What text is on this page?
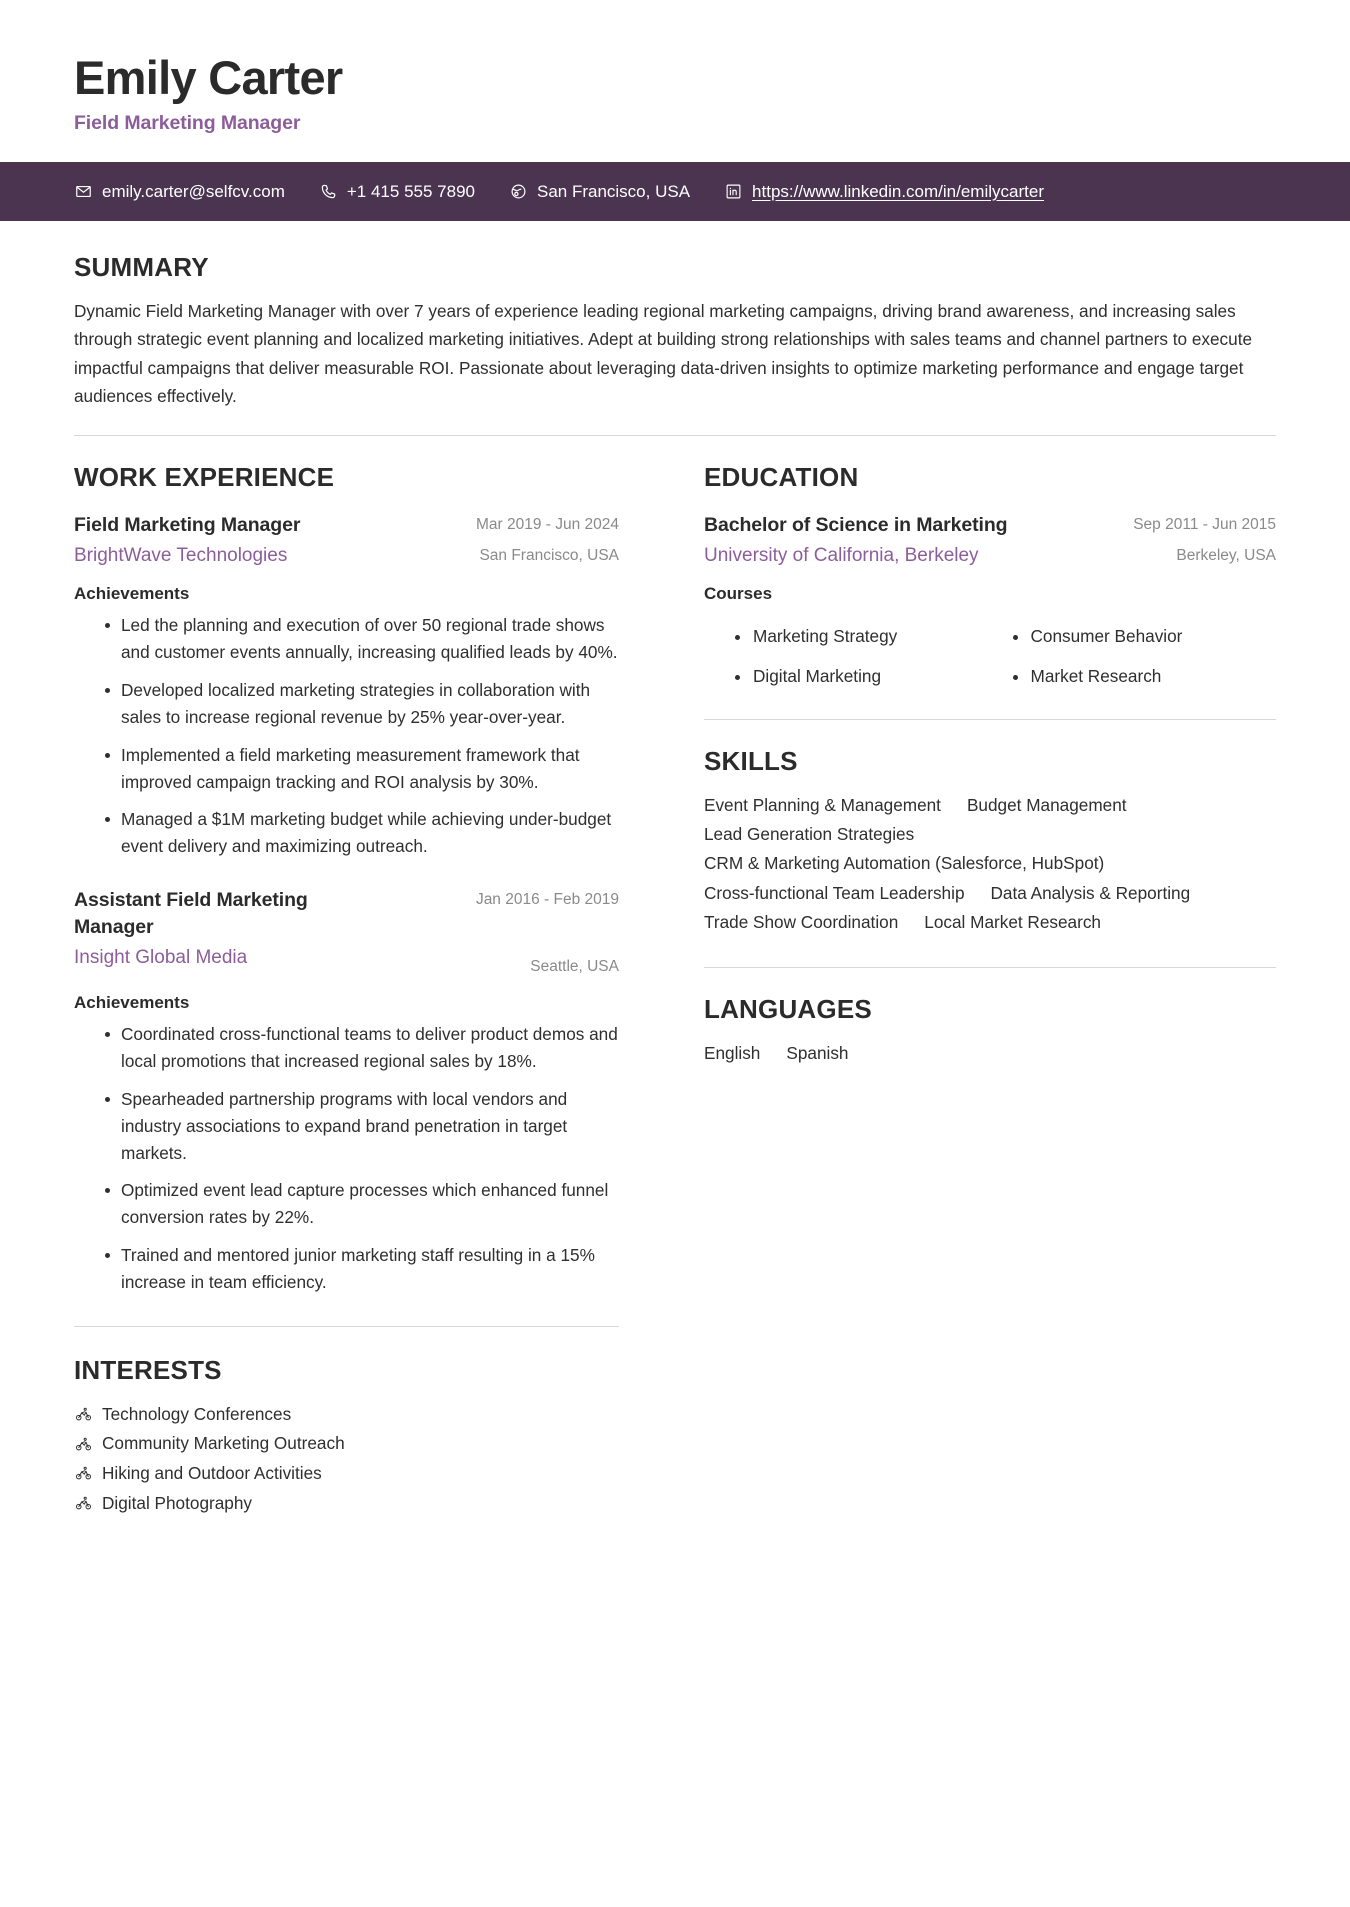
Emily Carter
Field Marketing Manager
emily.carter@selfcv.com	+1 415 555 7890	San Francisco, USA	https://www.linkedin.com/in/emilycarter
SUMMARY

Dynamic Field Marketing Manager with over 7 years of experience leading regional marketing campaigns, driving brand awareness, and increasing sales through strategic event planning and localized marketing initiatives. Adept at building strong relationships with sales teams and channel partners to execute impactful campaigns that deliver measurable ROI. Passionate about leveraging data-driven insights to optimize marketing performance and engage target audiences effectively.

WORK EXPERIENCE
Field Marketing Manager
BrightWave Technologies
Mar 2019 - Jun 2024
San Francisco, USA
Achievements
Led the planning and execution of over 50 regional trade shows and customer events annually, increasing qualified leads by 40%.
Developed localized marketing strategies in collaboration with sales to increase regional revenue by 25% year-over-year.
Implemented a field marketing measurement framework that improved campaign tracking and ROI analysis by 30%.
Managed a $1M marketing budget while achieving under-budget event delivery and maximizing outreach.
Assistant Field Marketing Manager
Insight Global Media
Jan 2016 - Feb 2019
Seattle, USA
Achievements
Coordinated cross-functional teams to deliver product demos and local promotions that increased regional sales by 18%.
Spearheaded partnership programs with local vendors and industry associations to expand brand penetration in target markets.
Optimized event lead capture processes which enhanced funnel conversion rates by 22%.
Trained and mentored junior marketing staff resulting in a 15% increase in team efficiency.
INTERESTS
Technology Conferences
Community Marketing Outreach
Hiking and Outdoor Activities
Digital Photography
EDUCATION
Bachelor of Science in Marketing
University of California, Berkeley
Sep 2011 - Jun 2015
Berkeley, USA
Courses
Marketing Strategy	Consumer Behavior
Digital Marketing	Market Research
SKILLS
Event Planning & Management Budget Management
Lead Generation Strategies
CRM & Marketing Automation (Salesforce, HubSpot)
Cross-functional Team Leadership Data Analysis & Reporting
Trade Show Coordination Local Market Research
LANGUAGES
English Spanish
